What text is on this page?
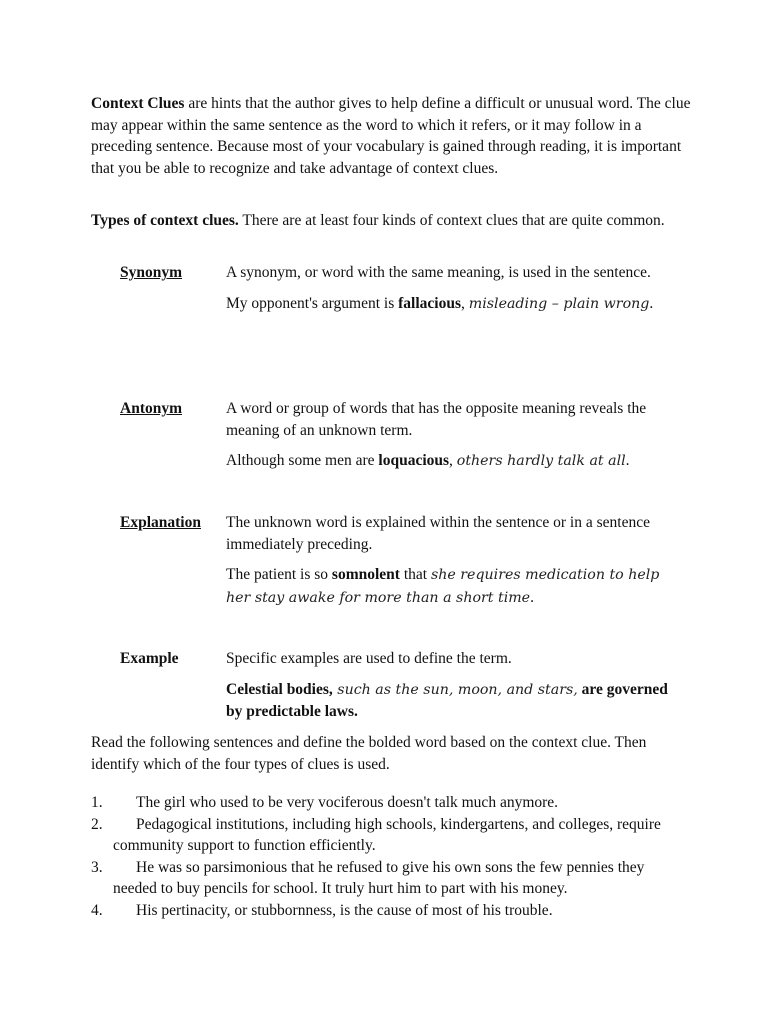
Context Clues are hints that the author gives to help define a difficult or unusual word. The clue may appear within the same sentence as the word to which it refers, or it may follow in a preceding sentence. Because most of your vocabulary is gained through reading, it is important that you be able to recognize and take advantage of context clues.
Types of context clues. There are at least four kinds of context clues that are quite common.
Synonym	A synonym, or word with the same meaning, is used in the sentence.
My opponent's argument is fallacious, misleading – plain wrong.
Antonym	A word or group of words that has the opposite meaning reveals the meaning of an unknown term.
Although some men are loquacious, others hardly talk at all.
Explanation The unknown word is explained within the sentence or in a sentence immediately preceding.
The patient is so somnolent that she requires medication to help her stay awake for more than a short time.
Example	Specific examples are used to define the term.
Celestial bodies, such as the sun, moon, and stars, are governed by predictable laws.
Read the following sentences and define the bolded word based on the context clue. Then identify which of the four types of clues is used.
1.	The girl who used to be very vociferous doesn't talk much anymore.
2.	Pedagogical institutions, including high schools, kindergartens, and colleges, require community support to function efficiently.
3.	He was so parsimonious that he refused to give his own sons the few pennies they needed to buy pencils for school. It truly hurt him to part with his money.
4.	His pertinacity, or stubbornness, is the cause of most of his trouble.
